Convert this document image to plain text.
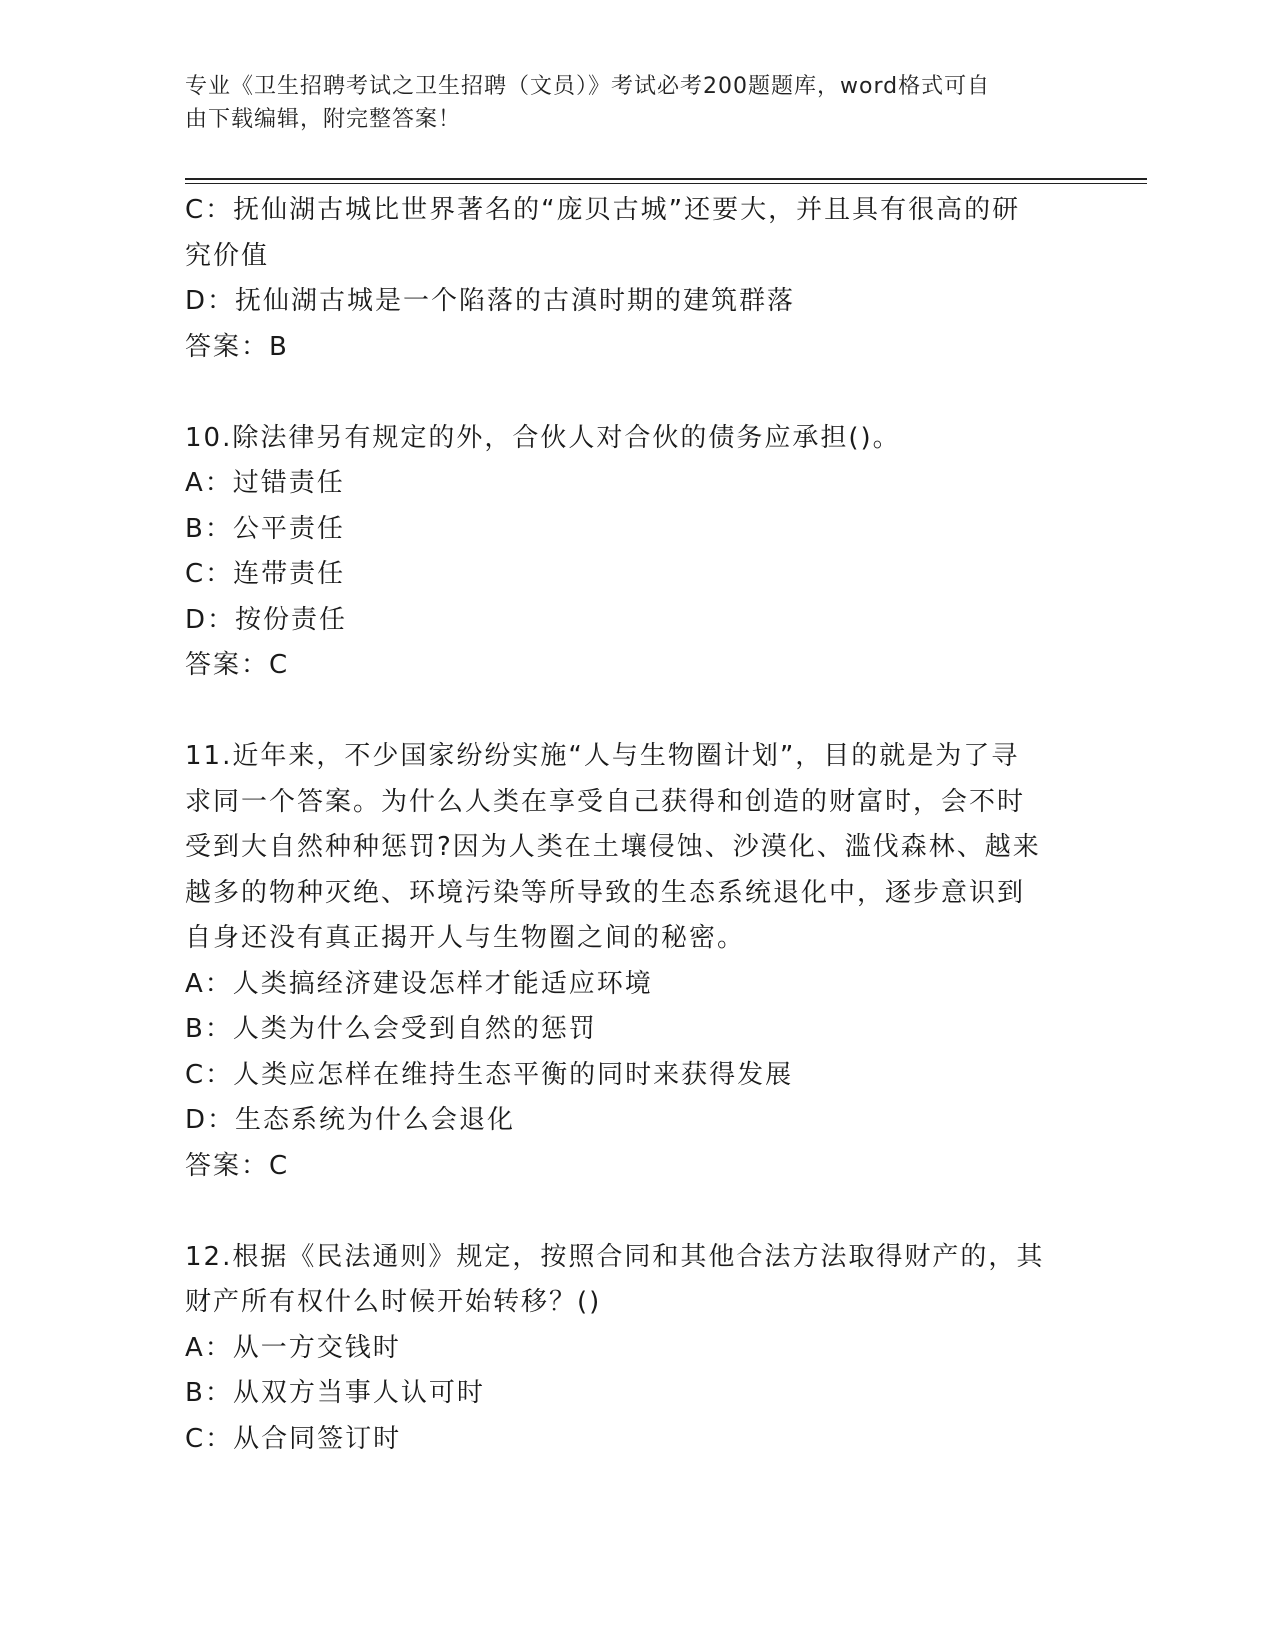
专业《卫生招聘考试之卫生招聘（文员）》考试必考200题题库，word格式可自
由下载编辑，附完整答案！
C：抚仙湖古城比世界著名的“庞贝古城”还要大，并且具有很高的研
究价值
D：抚仙湖古城是一个陷落的古滇时期的建筑群落
答案：B
10.除法律另有规定的外，合伙人对合伙的债务应承担()。
A：过错责任
B：公平责任
C：连带责任
D：按份责任
答案：C
11.近年来，不少国家纷纷实施“人与生物圈计划”，目的就是为了寻
求同一个答案。为什么人类在享受自己获得和创造的财富时，会不时
受到大自然种种惩罚?因为人类在土壤侵蚀、沙漠化、滥伐森林、越来
越多的物种灭绝、环境污染等所导致的生态系统退化中，逐步意识到
自身还没有真正揭开人与生物圈之间的秘密。
A：人类搞经济建设怎样才能适应环境
B：人类为什么会受到自然的惩罚
C：人类应怎样在维持生态平衡的同时来获得发展
D：生态系统为什么会退化
答案：C
12.根据《民法通则》规定，按照合同和其他合法方法取得财产的，其
财产所有权什么时候开始转移？()
A：从一方交钱时
B：从双方当事人认可时
C：从合同签订时
